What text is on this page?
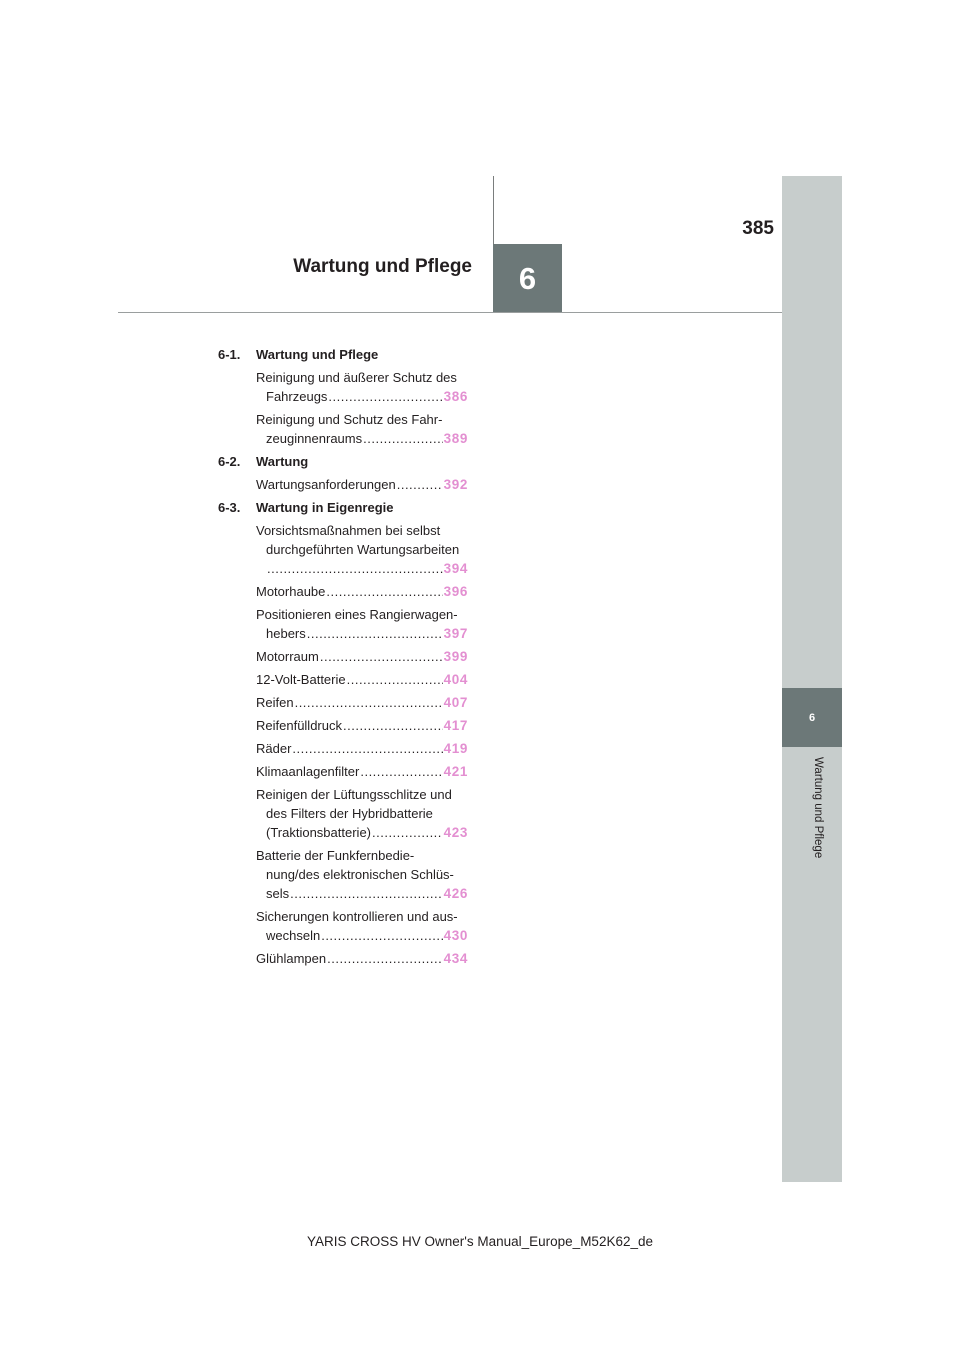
385
Wartung und Pflege 6
6
Wartung und Pflege
6-1.	Wartung und Pflege
Reinigung und äußerer Schutz des
Fahrzeugs .....	386
Reinigung und Schutz des Fahr-
zeuginnenraums .....	389
6-2.	Wartung
Wartungsanforderungen .....	392
6-3.	Wartung in Eigenregie
Vorsichtsmaßnahmen bei selbst
durchgeführten Wartungsarbeiten
.....
394
Motorhaube .....	396
Positionieren eines Rangierwagen-
hebers .....	397
Motorraum .....	399
12-Volt-Batterie .....	404
Reifen .....	407
Reifenfülldruck .....	417
Räder .....	419
Klimaanlagenfilter .....	421
Reinigen der Lüftungsschlitze und
des Filters der Hybridbatterie
(Traktionsbatterie) .....	423
Batterie der Funkfernbedie-
nung/des elektronischen Schlüs-
sels .....	426
Sicherungen kontrollieren und aus-
wechseln .....	430
Glühlampen .....	434
YARIS CROSS HV Owner's Manual_Europe_M52K62_de
